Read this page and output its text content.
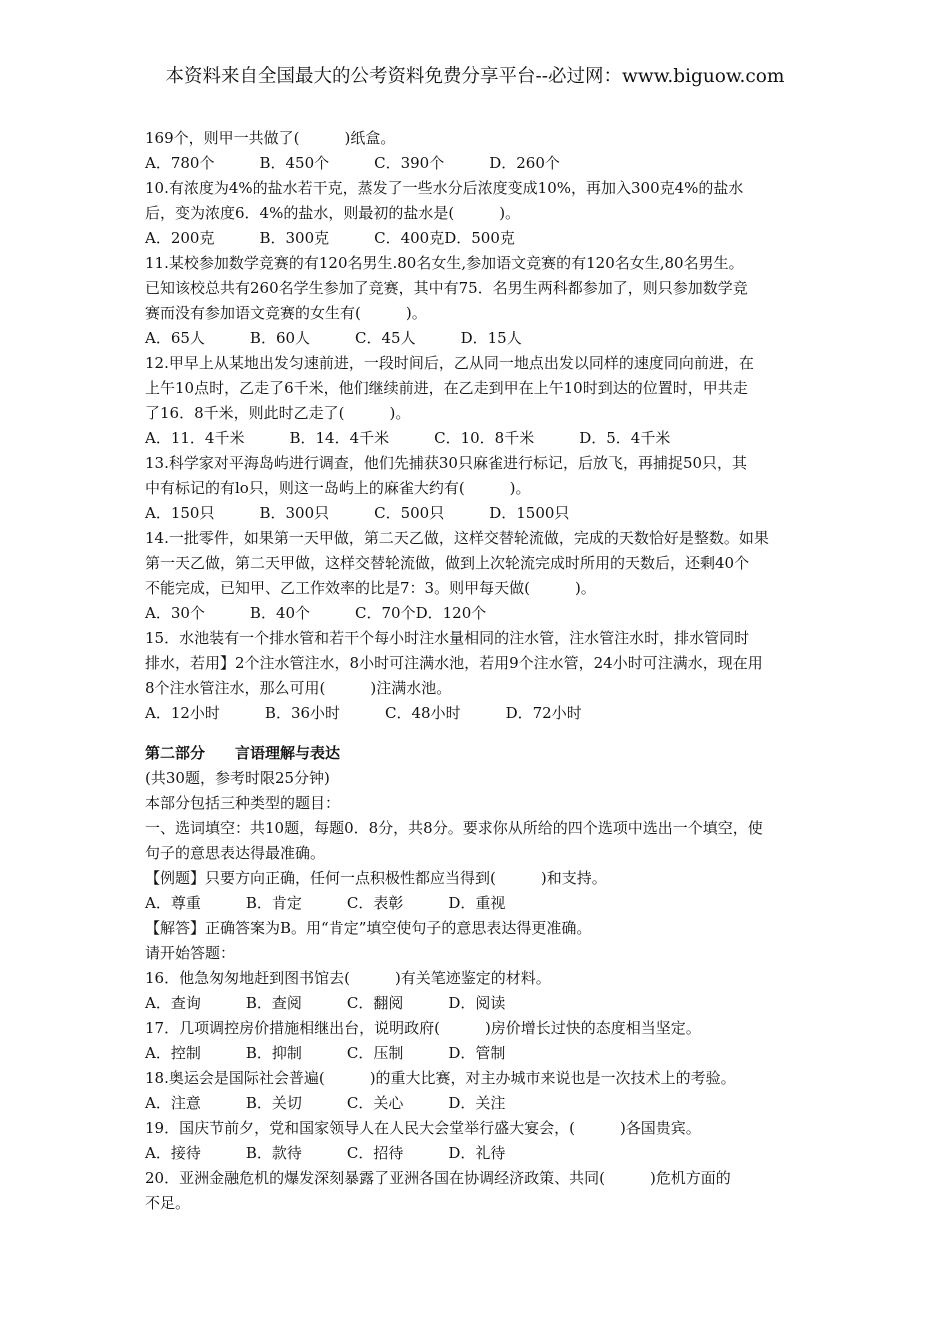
本资料来自全国最大的公考资料免费分享平台--必过网：www.biguow.com
169个，则甲一共做了(　　　)纸盒。
A．780个　　　B．450个　　　C．390个　　　D．260个
10.有浓度为4%的盐水若干克，蒸发了一些水分后浓度变成10%，再加入300克4%的盐水
后，变为浓度6．4%的盐水，则最初的盐水是(　　　)。
A．200克　　　B．300克　　　C．400克D．500克
11.某校参加数学竞赛的有120名男生.80名女生,参加语文竞赛的有120名女生,80名男生。
已知该校总共有260名学生参加了竞赛，其中有75．名男生两科都参加了，则只参加数学竞
赛而没有参加语文竞赛的女生有(　　　)。
A．65人　　　B．60人　　　C．45人　　　D．15人
12.甲早上从某地出发匀速前进，一段时间后，乙从同一地点出发以同样的速度同向前进，在
上午10点时，乙走了6千米，他们继续前进，在乙走到甲在上午10时到达的位置时，甲共走
了16．8千米，则此时乙走了(　　　)。
A．11．4千米　　　B．14．4千米　　　C．10．8千米　　　D．5．4千米
13.科学家对平海岛屿进行调查，他们先捕获30只麻雀进行标记，后放飞，再捕捉50只，其
中有标记的有lo只，则这一岛屿上的麻雀大约有(　　　)。
A．150只　　　B．300只　　　C．500只　　　D．1500只
14.一批零件，如果第一天甲做，第二天乙做，这样交替轮流做，完成的天数恰好是整数。如果
第一天乙做，第二天甲做，这样交替轮流做，做到上次轮流完成时所用的天数后，还剩40个
不能完成，已知甲、乙工作效率的比是7：3。则甲每天做(　　　)。
A．30个　　　B．40个　　　C．70个D．120个
15．水池装有一个排水管和若干个每小时注水量相同的注水管，注水管注水时，排水管同时
排水，若用】2个注水管注水，8小时可注满水池，若用9个注水管，24小时可注满水，现在用
8个注水管注水，那么可用(　　　)注满水池。
A．12小时　　　B．36小时　　　C．48小时　　　D．72小时
第二部分 言语理解与表达
(共30题，参考时限25分钟)
本部分包括三种类型的题目：
一、选词填空：共10题，每题0．8分，共8分。要求你从所给的四个选项中选出一个填空，使
句子的意思表达得最准确。
【例题】只要方向正确，任何一点积极性都应当得到(　　　)和支持。
A．尊重　　　B．肯定　　　C．表彰　　　D．重视
【解答】正确答案为B。用“肯定”填空使句子的意思表达得更准确。
请开始答题：
16．他急匆匆地赶到图书馆去(　　　)有关笔迹鉴定的材料。
A．查询　　　B．查阅　　　C．翻阅　　　D．阅读
17．几项调控房价措施相继出台，说明政府(　　　)房价增长过快的态度相当坚定。
A．控制　　　B．抑制　　　C．压制　　　D．管制
18.奥运会是国际社会普遍(　　　)的重大比赛，对主办城市来说也是一次技术上的考验。
A．注意　　　B．关切　　　C．关心　　　D．关注
19．国庆节前夕，党和国家领导人在人民大会堂举行盛大宴会，(　　　)各国贵宾。
A．接待　　　B．款待　　　C．招待　　　D．礼待
20．亚洲金融危机的爆发深刻暴露了亚洲各国在协调经济政策、共同(　　　)危机方面的
不足。
